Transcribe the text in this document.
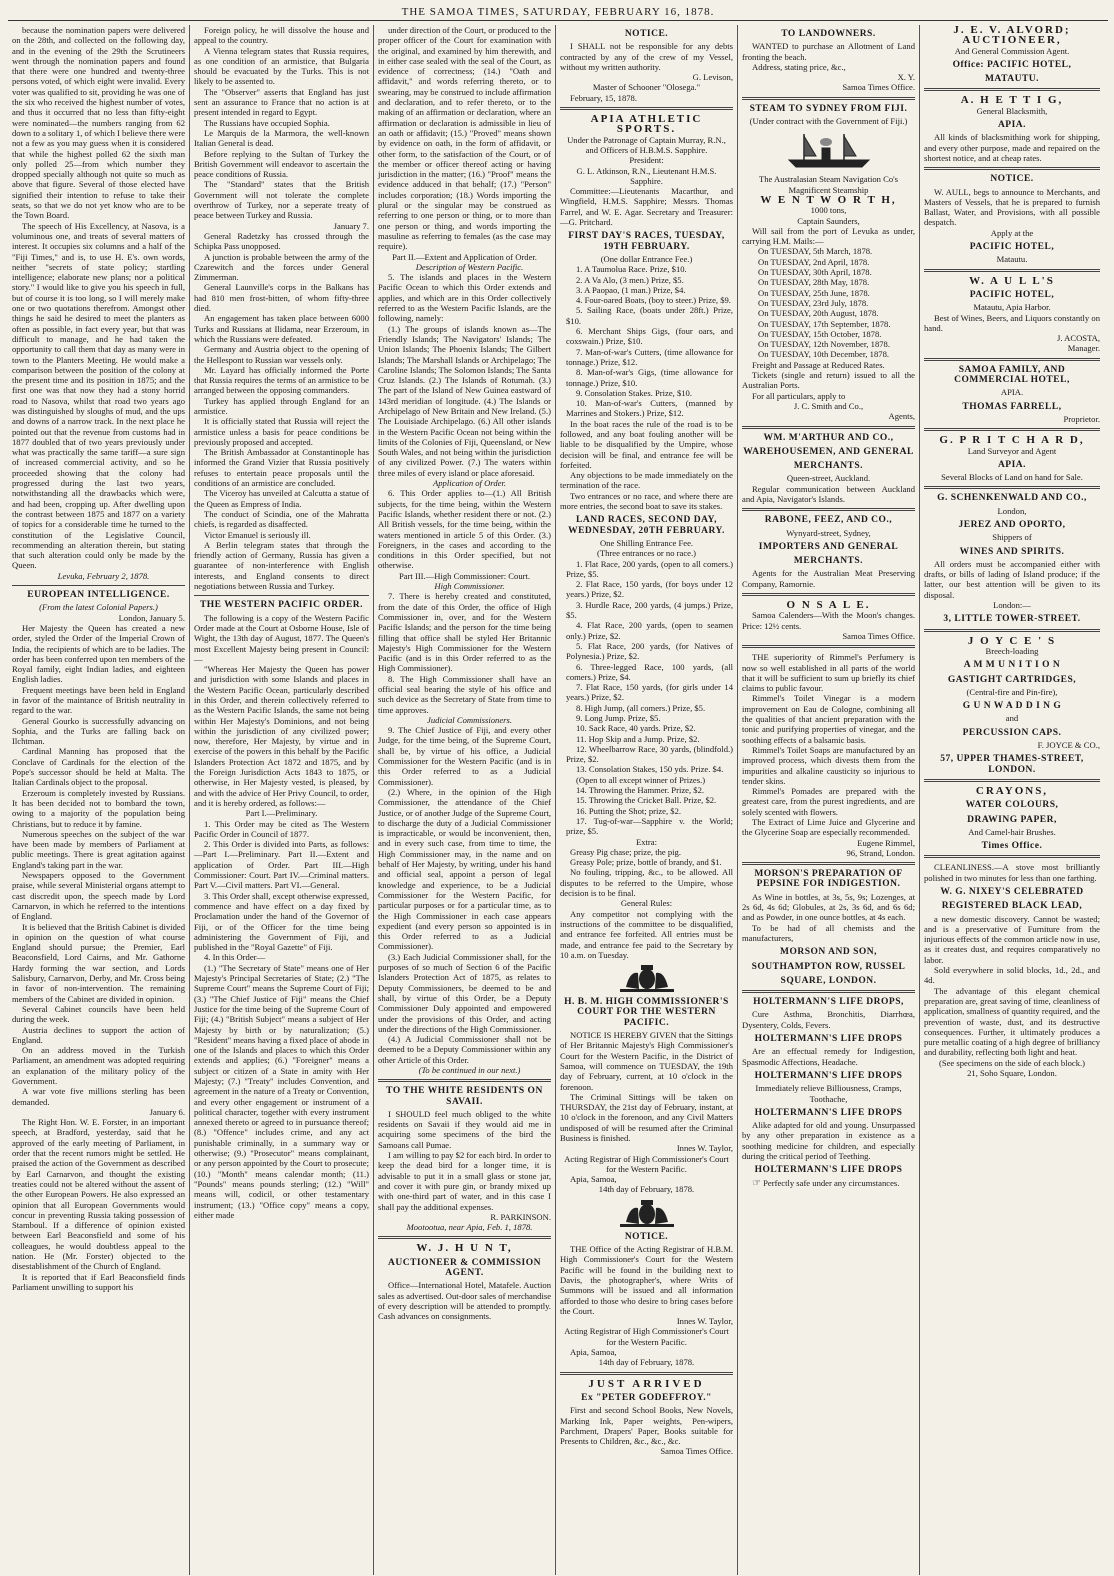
THE SAMOA TIMES, SATURDAY, FEBRUARY 16, 1878.

because the nomination papers were delivered on the 28th, and collected on the following day, and in the evening of the 29th the Scrutineers went through the nomination papers and found that there were one hundred and twenty-three persons voted, of which eight were invalid. Every voter was qualified to sit, providing he was one of the six who received the highest number of votes, and thus it occurred that no less than fifty-eight were nominated—the numbers ranging from 62 down to a solitary 1, of which I believe there were not a few as you may guess when it is considered that while the highest polled 62 the sixth man only polled 25—from which number they dropped specially although not quite so much as above that figure. Several of those elected have signified their intention to refuse to take their seats, so that we do not yet know who are to be the Town Board.

The speech of His Excellency, at Nasova, is a voluminous one, and treats of several matters of interest. It occupies six columns and a half of the "Fiji Times," and is, to use H. E's. own words, neither "secrets of state policy; startling intelligence; elaborate new plans; nor a political story." I would like to give you his speech in full, but of course it is too long, so I will merely make one or two quotations therefrom. Amongst other things he said he desired to meet the planters as often as possible, in fact every year, but that was difficult to manage, and he had taken the opportunity to call them that day as many were in town to the Planters Meeting. He would make a comparison between the position of the colony at the present time and its position in 1875; and the first one was that now they had a stony horrid road to Nasova, whilst that road two years ago was distinguished by sloughs of mud, and the ups and downs of a narrow track. In the next place he pointed out that the revenue from customs had in 1877 doubled that of two years previously under what was practically the same tariff—a sure sign of increased commercial activity, and so he proceeded showing that the colony had progressed during the last two years, notwithstanding all the drawbacks which were, and had been, cropping up. After dwelling upon the contrast between 1875 and 1877 on a variety of topics for a considerable time he turned to the constitution of the Legislative Council, recommending an alteration therein, but stating that such alteration could only be made by the Queen.

Levuka, February 2, 1878.

EUROPEAN INTELLIGENCE.

(From the latest Colonial Papers.)

London, January 5.

Her Majesty the Queen has created a new order, styled the Order of the Imperial Crown of India, the recipients of which are to be ladies. The order has been conferred upon ten members of the Royal family, eight Indian ladies, and eighteen English ladies.

Frequent meetings have been held in England in favor of the maintance of British neutrality in regard to the war.

General Gourko is successfully advancing on Sophia, and the Turks are falling back on Ilchtman.

Cardinal Manning has proposed that the Conclave of Cardinals for the election of the Pope's successor should be held at Malta. The Italian Cardinals object to the proposal.

Erzeroum is completely invested by Russians. It has been decided not to bombard the town, owing to a majority of the population being Christians, but to reduce it by famine.

Numerous speeches on the subject of the war have been made by members of Parliament at public meetings. There is great agitation against England's taking part in the war.

Newspapers opposed to the Government praise, while several Ministerial organs attempt to cast discredit upon, the speech made by Lord Carnarvon, in which he referred to the intentions of England.

It is believed that the British Cabinet is divided in opinion on the question of what course England should pursue; the Premier, Earl Beaconsfield, Lord Cairns, and Mr. Gathorne Hardy forming the war section, and Lords Salisbury, Carnarvon, Derby, and Mr. Cross being in favor of non-intervention. The remaining members of the Cabinet are divided in opinion.

Several Cabinet councils have been held during the week.

Austria declines to support the action of England.

On an address moved in the Turkish Parliament, an amendment was adopted requiring an explanation of the military policy of the Government.

A war vote five millions sterling has been demanded.

January 6.

The Right Hon. W. E. Forster, in an important speech, at Bradford, yesterday, said that he approved of the early meeting of Parliament, in order that the recent rumors might be settled. He praised the action of the Government as described by Earl Carnarvon, and thought the existing treaties could not be altered without the assent of the other European Powers. He also expressed an opinion that all European Governments would concur in preventing Russia taking possession of Stamboul. If a difference of opinion existed between Earl Beaconsfield and some of his colleagues, he would doubtless appeal to the nation. He (Mr. Forster) objected to the disestablishment of the Church of England.

It is reported that if Earl Beaconsfield finds Parliament unwilling to support his

Foreign policy, he will dissolve the house and appeal to the country.

A Vienna telegram states that Russia requires, as one condition of an armistice, that Bulgaria should be evacuated by the Turks. This is not likely to be assented to.

The "Observer" asserts that England has just sent an assurance to France that no action is at present intended in regard to Egypt.

The Russians have occupied Sophia.

Le Marquis de la Marmora, the well-known Italian General is dead.

Before replying to the Sultan of Turkey the British Government will endeavor to ascertain the peace conditions of Russia.

The "Standard" states that the British Government will not tolerate the complete overthrow of Turkey, nor a seperate treaty of peace between Turkey and Russia.

January 7.

General Radetzky has crossed through the Schipka Pass unopposed.

A junction is probable between the army of the Czarewitch and the forces under General Zimmerman.

General Launville's corps in the Balkans has had 810 men frost-bitten, of whom fifty-three died.

An engagement has taken place between 6000 Turks and Russians at Ilidama, near Erzeroum, in which the Russians were defeated.

Germany and Austria object to the opening of the Hellespont to Russian war vessels only.

Mr. Layard has officially informed the Porte that Russia requires the terms of an armistice to be arranged between the opposing commanders.

Turkey has applied through England for an armistice.

It is officially stated that Russia will reject the armistice unless a basis for peace conditions be previously proposed and accepted.

The British Ambassador at Constantinople has informed the Grand Vizier that Russia positively refuses to entertain peace proposals until the conditions of an armistice are concluded.

The Viceroy has unveiled at Calcutta a statue of the Queen as Empress of India.

The conduct of Scindia, one of the Mahratta chiefs, is regarded as disaffected.

Victor Emanuel is seriously ill.

A Berlin telegram states that through the friendly action of Germany, Russia has given a guarantee of non-interference with English interests, and England consents to direct negotiations between Russia and Turkey.

THE WESTERN PACIFIC ORDER.

The following is a copy of the Western Pacific Order made at the Court at Osborne House, Isle of Wight, the 13th day of August, 1877. The Queen's most Excellent Majesty being present in Council:—

"Whereas Her Majesty the Queen has power and jurisdiction with some Islands and places in the Western Pacific Ocean, particularly described in this Order, and therein collectively referred to as the Western Pacific Islands, the same not being within Her Majesty's Dominions, and not being within the jurisdiction of any civilized power; now, therefore, Her Majesty, by virtue and in exercise of the powers in this behalf by the Pacific Islanders Protection Act 1872 and 1875, and by the Foreign Jurisdiction Acts 1843 to 1875, or otherwise, in Her Majesty vested, is pleased, by and with the advice of Her Privy Council, to order, and it is hereby ordered, as follows:—

Part I.—Preliminary.

1. This Order may be cited as The Western Pacific Order in Council of 1877.

2. This Order is divided into Parts, as follows:—Part I.—Preliminary. Part II.—Extent and application of Order. Part III.—High Commissioner: Court. Part IV.—Criminal matters. Part V.—Civil matters. Part VI.—General.

3. This Order shall, except otherwise expressed, commence and have effect on a day fixed by Proclamation under the hand of the Governor of Fiji, or of the Officer for the time being administering the Government of Fiji, and published in the "Royal Gazette" of Fiji.

4. In this Order—

(1.) "The Secretary of State" means one of Her Majesty's Principal Secretaries of State; (2.) "The Supreme Court" means the Supreme Court of Fiji; (3.) "The Chief Justice of Fiji" means the Chief Justice for the time being of the Supreme Court of Fiji; (4.) "British Subject" means a subject of Her Majesty by birth or by naturalization; (5.) "Resident" means having a fixed place of abode in one of the Islands and places to which this Order extends and applies; (6.) "Foreigner" means a subject or citizen of a State in amity with Her Majesty; (7.) "Treaty" includes Convention, and agreement in the nature of a Treaty or Convention, and every other engagement or instrument of a political character, together with every instrument annexed thereto or agreed to in pursuance thereof; (8.) "Offence" includes crime, and any act punishable criminally, in a summary way or otherwise; (9.) "Prosecutor" means complainant, or any person appointed by the Court to prosecute; (10.) "Month" means calendar month; (11.) "Pounds" means pounds sterling; (12.) "Will" means will, codicil, or other testamentary instrument; (13.) "Office copy" means a copy, either made

under direction of the Court, or produced to the proper officer of the Court for examination with the original, and examined by him therewith, and in either case sealed with the seal of the Court, as evidence of correctness; (14.) "Oath and affidavit," and words referring thereto, or to swearing, may be construed to include affirmation and declaration, and to refer thereto, or to the making of an affirmation or declaration, where an affirmation or declaration is admissible in lieu of an oath or affidavit; (15.) "Proved" means shown by evidence on oath, in the form of affidavit, or other form, to the satisfaction of the Court, or of the member or officer thereof acting or having jurisdiction in the matter; (16.) "Proof" means the evidence adduced in that behalf; (17.) "Person" includes corporation; (18.) Words importing the plural or the singular may be construed as referring to one person or thing, or to more than one person or thing, and words importing the masuline as referring to females (as the case may require).

Part II.—Extent and Application of Order.

Description of Western Pacific.

5. The islands and places in the Western Pacific Ocean to which this Order extends and applies, and which are in this Order collectively referred to as the Western Pacific Islands, are the following, namely:

(1.) The groups of islands known as—The Friendly Islands; The Navigators' Islands; The Union Islands; The Phoenix Islands; The Gilbert Islands; The Marshall Islands or Archipelago; The Caroline Islands; The Solomon Islands; The Santa Cruz Islands. (2.) The Islands of Rotumah. (3.) The part of the Island of New Guinea eastward of 143rd meridian of longitude. (4.) The Islands or Archipelago of New Britain and New Ireland. (5.) The Louisiade Archipelago. (6.) All other islands in the Western Pacific Ocean not being within the limits of the Colonies of Fiji, Queensland, or New South Wales, and not being within the jurisdiction of any civilized Power. (7.) The waters within three miles of every island or place aforesaid.

Application of Order.

6. This Order applies to—(1.) All British subjects, for the time being, within the Western Pacific Islands, whether resident there or not. (2.) All British vessels, for the time being, within the waters mentioned in article 5 of this Order. (3.) Foreigners, in the cases and according to the conditions in this Order specified, but not otherwise.

Part III.—High Commissioner: Court.

High Commissioner.

7. There is hereby created and constituted, from the date of this Order, the office of High Commissioner in, over, and for the Western Pacific Islands; and the person for the time being filling that office shall be styled Her Britannic Majesty's High Commissioner for the Western Pacific (and is in this Order referred to as the High Commissioner).

8. The High Commissioner shall have an official seal bearing the style of his office and such device as the Secretary of State from time to time approves.

Judicial Commissioners.

9. The Chief Justice of Fiji, and every other Judge, for the time being, of the Supreme Court, shall be, by virtue of his office, a Judicial Commissioner for the Western Pacific (and is in this Order referred to as a Judicial Commissioner).

(2.) Where, in the opinion of the High Commissioner, the attendance of the Chief Justice, or of another Judge of the Supreme Court, to discharge the duty of a Judicial Commissioner is impracticable, or would be inconvenient, then, and in every such case, from time to time, the High Commissioner may, in the name and on behalf of Her Majesty, by writing, under his hand and official seal, appoint a person of legal knowledge and experience, to be a Judicial Commissioner for the Western Pacific, for particular purposes or for a particular time, as to the High Commissioner in each case appears expedient (and every person so appointed is in this Order referred to as a Judicial Commissioner).

(3.) Each Judicial Commissioner shall, for the purposes of so much of Section 6 of the Pacific Islanders Protection Act of 1875, as relates to Deputy Commissioners, be deemed to be and shall, by virtue of this Order, be a Deputy Commissioner Duly appointed and empowered under the provisions of this Order, and acting under the directions of the High Commissioner.

(4.) A Judicial Commissioner shall not be deemed to be a Deputy Commissioner within any other Article of this Order.

(To be continued in our next.)

TO THE WHITE RESIDENTS ON SAVAII.

I SHOULD feel much obliged to the white residents on Savaii if they would aid me in acquiring some specimens of the bird the Samoans call Pumae.

I am willing to pay $2 for each bird. In order to keep the dead bird for a longer time, it is advisable to put it in a small glass or stone jar, and cover it with pure gin, or brandy mixed up with one-third part of water, and in this case I shall pay the additional expenses.

R. PARKINSON.

Mootootua, near Apia, Feb. 1, 1878.

W. J. H U N T,
AUCTIONEER & COMMISSION AGENT.

Office—International Hotel, Matafele. Auction sales as advertised. Out-door sales of merchandise of every description will be attended to promptly. Cash advances on consignments.

NOTICE.

I SHALL not be responsible for any debts contracted by any of the crew of my Vessel, without my written authority.

G. Levison,

Master of Schooner "Olosega."

February, 15, 1878.

APIA ATHLETIC SPORTS.

Under the Patronage of Captain Murray, R.N., and Officers of H.B.M.S. Sapphire.

President:

G. L. Atkinson, R.N., Lieutenant H.M.S. Sapphire.

Committee:—Lieutenants Macarthur, and Wingfield, H.M.S. Sapphire; Messrs. Thomas Farrel, and W. E. Agar. Secretary and Treasurer:—G. Pritchard.

FIRST DAY'S RACES, TUESDAY, 19TH FEBRUARY.

(One dollar Entrance Fee.)

1. A Taumolua Race. Prize, $10.

2. A Va Alo, (3 men.) Prize, $5.

3. A Paopao, (1 man.) Prize, $4.

4. Four-oared Boats, (boy to steer.) Prize, $9.

5. Sailing Race, (boats under 28ft.) Prize, $10.

6. Merchant Ships Gigs, (four oars, and coxswain.) Prize, $10.

7. Man-of-war's Cutters, (time allowance for tonnage.) Prize, $12.

8. Man-of-war's Gigs, (time allowance for tonnage.) Prize, $10.

9. Consolation Stakes. Prize, $10.

10. Man-of-war's Cutters, (manned by Marrines and Stokers.) Prize, $12.

In the boat races the rule of the road is to be followed, and any boat fouling another will be liable to be disqualified by the Umpire, whose decision will be final, and entrance fee will be forfeited.

Any objections to be made immediately on the termination of the race.

Two entrances or no race, and where there are more entries, the second boat to save its stakes.

LAND RACES, SECOND DAY, WEDNESDAY, 20TH FEBRUARY.

One Shilling Entrance Fee.

(Three entrances or no race.)

1. Flat Race, 200 yards, (open to all comers.) Prize, $5.

2. Flat Race, 150 yards, (for boys under 12 years.) Prize, $2.

3. Hurdle Race, 200 yards, (4 jumps.) Prize, $5.

4. Flat Race, 200 yards, (open to seamen only.) Prize, $2.

5. Flat Race, 200 yards, (for Natives of Polynesia.) Prize, $2.

6. Three-legged Race, 100 yards, (all comers.) Prize, $4.

7. Flat Race, 150 yards, (for girls under 14 years.) Prize, $2.

8. High Jump, (all comers.) Prize, $5.

9. Long Jump. Prize, $5.

10. Sack Race, 40 yards. Prize, $2.

11. Hop Skip and a Jump. Prize, $2.

12. Wheelbarrow Race, 30 yards, (blindfold.) Prize, $2.

13. Consolation Stakes, 150 yds. Prize. $4.

(Open to all except winner of Prizes.)

14. Throwing the Hammer. Prize, $2.

15. Throwing the Cricket Ball. Prize, $2.

16. Putting the Shot; prize, $2.

17. Tug-of-war—Sapphire v. the World; prize, $5.

Extra:

Greasy Pig chase; prize, the pig.

Greasy Pole; prize, bottle of brandy, and $1.

No fouling, tripping, &c., to be allowed. All disputes to be referred to the Umpire, whose decision is to be final.

General Rules:

Any competitor not complying with the instructions of the committee to be disqualified, and entrance fee forfeited. All entries must be made, and entrance fee paid to the Secretary by 10 a.m. on Tuesday.

H. B. M. HIGH COMMISSIONER'S COURT FOR THE WESTERN PACIFIC.

NOTICE IS HEREBY GIVEN that the Sittings of Her Britannic Majesty's High Commissioner's Court for the Western Pacific, in the District of Samoa, will commence on TUESDAY, the 19th day of February, current, at 10 o'clock in the forenoon.

The Criminal Sittings will be taken on THURSDAY, the 21st day of February, instant, at 10 o'clock in the forenoon, and any Civil Matters undisposed of will be resumed after the Criminal Business is finished.

Innes W. Taylor,

Acting Registrar of High Commissioner's Court for the Western Pacific.

Apia, Samoa,

14th day of February, 1878.

NOTICE.

THE Office of the Acting Registrar of H.B.M. High Commissioner's Court for the Western Pacific will be found in the building next to Davis, the photographer's, where Writs of Summons will be issued and all information afforded to those who desire to bring cases before the Court.

Innes W. Taylor,

Acting Registrar of High Commissioner's Court for the Western Pacific.

Apia, Samoa,

14th day of February, 1878.

JUST ARRIVED
Ex "PETER GODEFFROY."

First and second School Books, New Novels, Marking Ink, Paper weights, Pen-wipers, Parchment, Drapers' Paper, Books suitable for Presents to Children, &c., &c., &c.

Samoa Times Office.

TO LANDOWNERS.

WANTED to purchase an Allotment of Land fronting the beach.

Address, stating price, &c.,

X. Y.

Samoa Times Office.

STEAM TO SYDNEY FROM FIJI.

(Under contract with the Government of Fiji.)

The Australasian Steam Navigation Co's Magnificent Steamship

W E N T W O R T H,

1000 tons,

Captain Saunders,

Will sail from the port of Levuka as under, carrying H.M. Mails:—

On TUESDAY, 5th March, 1878.

On TUESDAY, 2nd April, 1878.

On TUESDAY, 30th April, 1878.

On TUESDAY, 28th May, 1878.

On TUESDAY, 25th June, 1878.

On TUESDAY, 23rd July, 1878.

On TUESDAY, 20th August, 1878.

On TUESDAY, 17th September, 1878.

On TUESDAY, 15th October, 1878.

On TUESDAY, 12th November, 1878.

On TUESDAY, 10th December, 1878.

Freight and Passage at Reduced Rates.

Tickets (single and return) issued to all the Australian Ports.

For all particulars, apply to

J. C. Smith and Co.,

Agents,

WM. M'ARTHUR AND CO.,
WAREHOUSEMEN, AND GENERAL
MERCHANTS.

Queen-street, Auckland.

Regular communication between Auckland and Apia, Navigator's Islands.

RABONE, FEEZ, AND CO.,

Wynyard-street, Sydney,

IMPORTERS AND GENERAL
MERCHANTS.

Agents for the Australian Meat Preserving Company, Ramornie.

O N S A L E.

Samoa Calenders—With the Moon's changes. Price: 12½ cents.

Samoa Times Office.

THE superiority of Rimmel's Perfumery is now so well established in all parts of the world that it will be sufficient to sum up briefly its chief claims to public favour.

Rimmel's Toilet Vinegar is a modern improvement on Eau de Cologne, combining all the qualities of that ancient preparation with the tonic and purifying properties of vinegar, and the soothing effects of a balsamic basis.

Rimmel's Toilet Soaps are manufactured by an improved process, which divests them from the impurities and alkaline causticity so injurious to tender skins.

Rimmel's Pomades are prepared with the greatest care, from the purest ingredients, and are solely scented with flowers.

The Extract of Lime Juice and Glycerine and the Glycerine Soap are especially recommended.

Eugene Rimmel,

96, Strand, London.

MORSON'S PREPARATION OF PEPSINE FOR INDIGESTION.

As Wine in bottles, at 3s, 5s, 9s; Lozenges, at 2s 6d, 4s 6d; Globules, at 2s, 3s 6d, and 6s 6d; and as Powder, in one ounce bottles, at 4s each.

To be had of all chemists and the manufacturers,

MORSON AND SON,
SOUTHAMPTON ROW, RUSSEL
SQUARE, LONDON.
HOLTERMANN'S LIFE DROPS,

Cure Asthma, Bronchitis, Diarrhœa, Dysentery, Colds, Fevers.

HOLTERMANN'S LIFE DROPS

Are an effectual remedy for Indigestion, Spasmodic Affections, Headache.

HOLTERMANN'S LIFE DROPS

Immediately relieve Billiousness, Cramps, Toothache,

HOLTERMANN'S LIFE DROPS

Alike adapted for old and young. Unsurpassed by any other preparation in existence as a soothing medicine for children, and especially during the critical period of Teething.

HOLTERMANN'S LIFE DROPS

☞ Perfectly safe under any circumstances.

J. E. V. ALVORD;
AUCTIONEER,

And General Commission Agent.

Office: PACIFIC HOTEL,
MATAUTU.
A. H E T T I G,

General Blacksmith,

APIA.

All kinds of blacksmithing work for shipping, and every other purpose, made and repaired on the shortest notice, and at cheap rates.

NOTICE.

W. AULL, begs to announce to Merchants, and Masters of Vessels, that he is prepared to furnish Ballast, Water, and Provisions, with all possible despatch.

Apply at the

PACIFIC HOTEL,

Matautu.

W. A U L L'S
PACIFIC HOTEL,

Matautu, Apia Harbor.

Best of Wines, Beers, and Liquors constantly on hand.

J. ACOSTA,

Manager.

SAMOA FAMILY, AND COMMERCIAL HOTEL,

APIA.

THOMAS FARRELL,

Proprietor.

G. P R I T C H A R D,

Land Surveyor and Agent

APIA.

Several Blocks of Land on hand for Sale.

G. SCHENKENWALD AND CO.,

London,

JEREZ AND OPORTO,

Shippers of

WINES AND SPIRITS.

All orders must be accompanied either with drafts, or bills of lading of Island produce; if the latter, our best attention will be given to its disposal.

London:—

3, LITTLE TOWER-STREET.
J O Y C E ' S

Breech-loading

A M M U N I T I O N
GASTIGHT CARTRIDGES,

(Central-fire and Pin-fire),

G U N W A D D I N G

and

PERCUSSION CAPS.

F. JOYCE & CO.,

57, UPPER THAMES-STREET, LONDON.
CRAYONS,
WATER COLOURS,
DRAWING PAPER,

And Camel-hair Brushes.

Times Office.

CLEANLINESS.—A stove most brilliantly polished in two minutes for less than one farthing.

W. G. NIXEY'S CELEBRATED
REGISTERED BLACK LEAD,

a new domestic discovery. Cannot be wasted; and is a preservative of Furniture from the injurious effects of the common article now in use, as it creates dust, and requires comparatively no labor.

Sold everywhere in solid blocks, 1d., 2d., and 4d.

The advantage of this elegant chemical preparation are, great saving of time, cleanliness of application, smallness of quantity required, and the prevention of waste, dust, and its destructive consequences. Further, it ultimately produces a pure metallic coating of a high degree of brilliancy and durability, reflecting both light and heat.

(See specimens on the side of each block.)

21, Soho Square, London.
